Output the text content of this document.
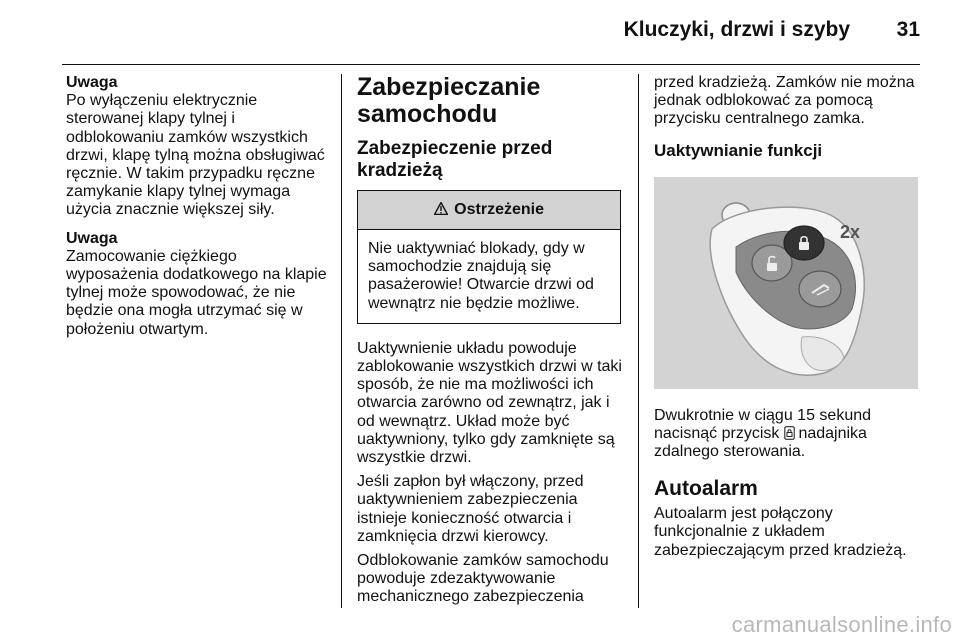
Kluczyki, drzwi i szyby 31
Uwaga

Po wyłączeniu elektrycznie sterowanej klapy tylnej i odblokowaniu zamków wszystkich drzwi, klapę tylną można obsługiwać ręcznie. W takim przypadku ręczne zamykanie klapy tylnej wymaga użycia znacznie większej siły.

Uwaga

Zamocowanie ciężkiego wyposażenia dodatkowego na klapie tylnej może spowodować, że nie będzie ona mogła utrzymać się w położeniu otwartym.

Zabezpieczanie samochodu
Zabezpieczenie przed kradzieżą
Ostrzeżenie
Nie uaktywniać blokady, gdy w samochodzie znajdują się pasażerowie! Otwarcie drzwi od wewnątrz nie będzie możliwe.

Uaktywnienie układu powoduje zablokowanie wszystkich drzwi w taki sposób, że nie ma możliwości ich otwarcia zarówno od zewnątrz, jak i od wewnątrz. Układ może być uaktywniony, tylko gdy zamknięte są wszystkie drzwi.

Jeśli zapłon był włączony, przed uaktywnieniem zabezpieczenia istnieje konieczność otwarcia i zamknięcia drzwi kierowcy.

Odblokowanie zamków samochodu powoduje zdezaktywowanie mechanicznego zabezpieczenia

przed kradzieżą. Zamków nie można jednak odblokować za pomocą przycisku centralnego zamka.

Uaktywnianie funkcji
2x

Dwukrotnie w ciągu 15 sekund nacisnąć przycisk nadajnika zdalnego sterowania.

Autoalarm

Autoalarm jest połączony funkcjonalnie z układem zabezpieczającym przed kradzieżą.

carmanualsonline.info
